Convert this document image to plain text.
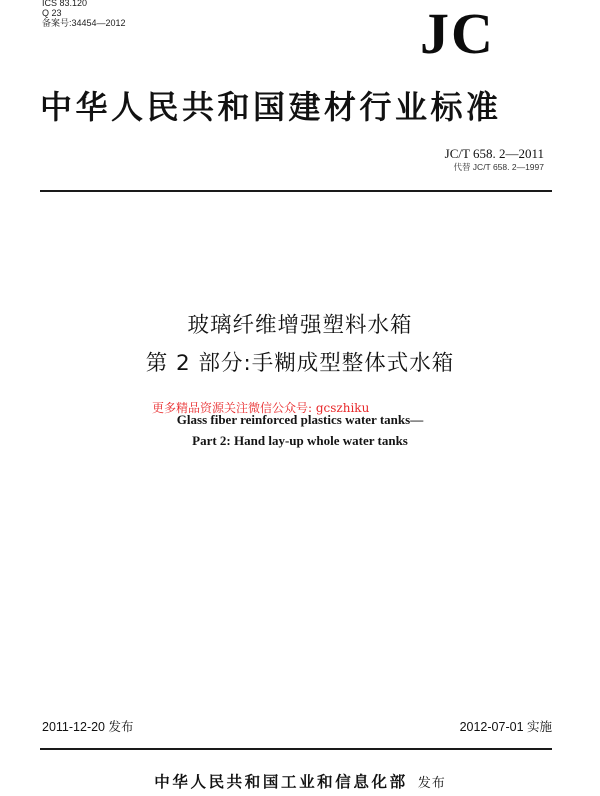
ICS 83.120
Q 23
备案号:34454—2012	JC
中华人民共和国建材行业标准
JC/T 658. 2—2011
代替 JC/T 658. 2—1997
玻璃纤维增强塑料水箱
第 2 部分:手糊成型整体式水箱
更多精品资源关注微信公众号: gcszhiku
Glass fiber reinforced plastics water tanks—
Part 2: Hand lay-up whole water tanks
2011-12-20 发布	2012-07-01 实施
中华人民共和国工业和信息化部 发布
